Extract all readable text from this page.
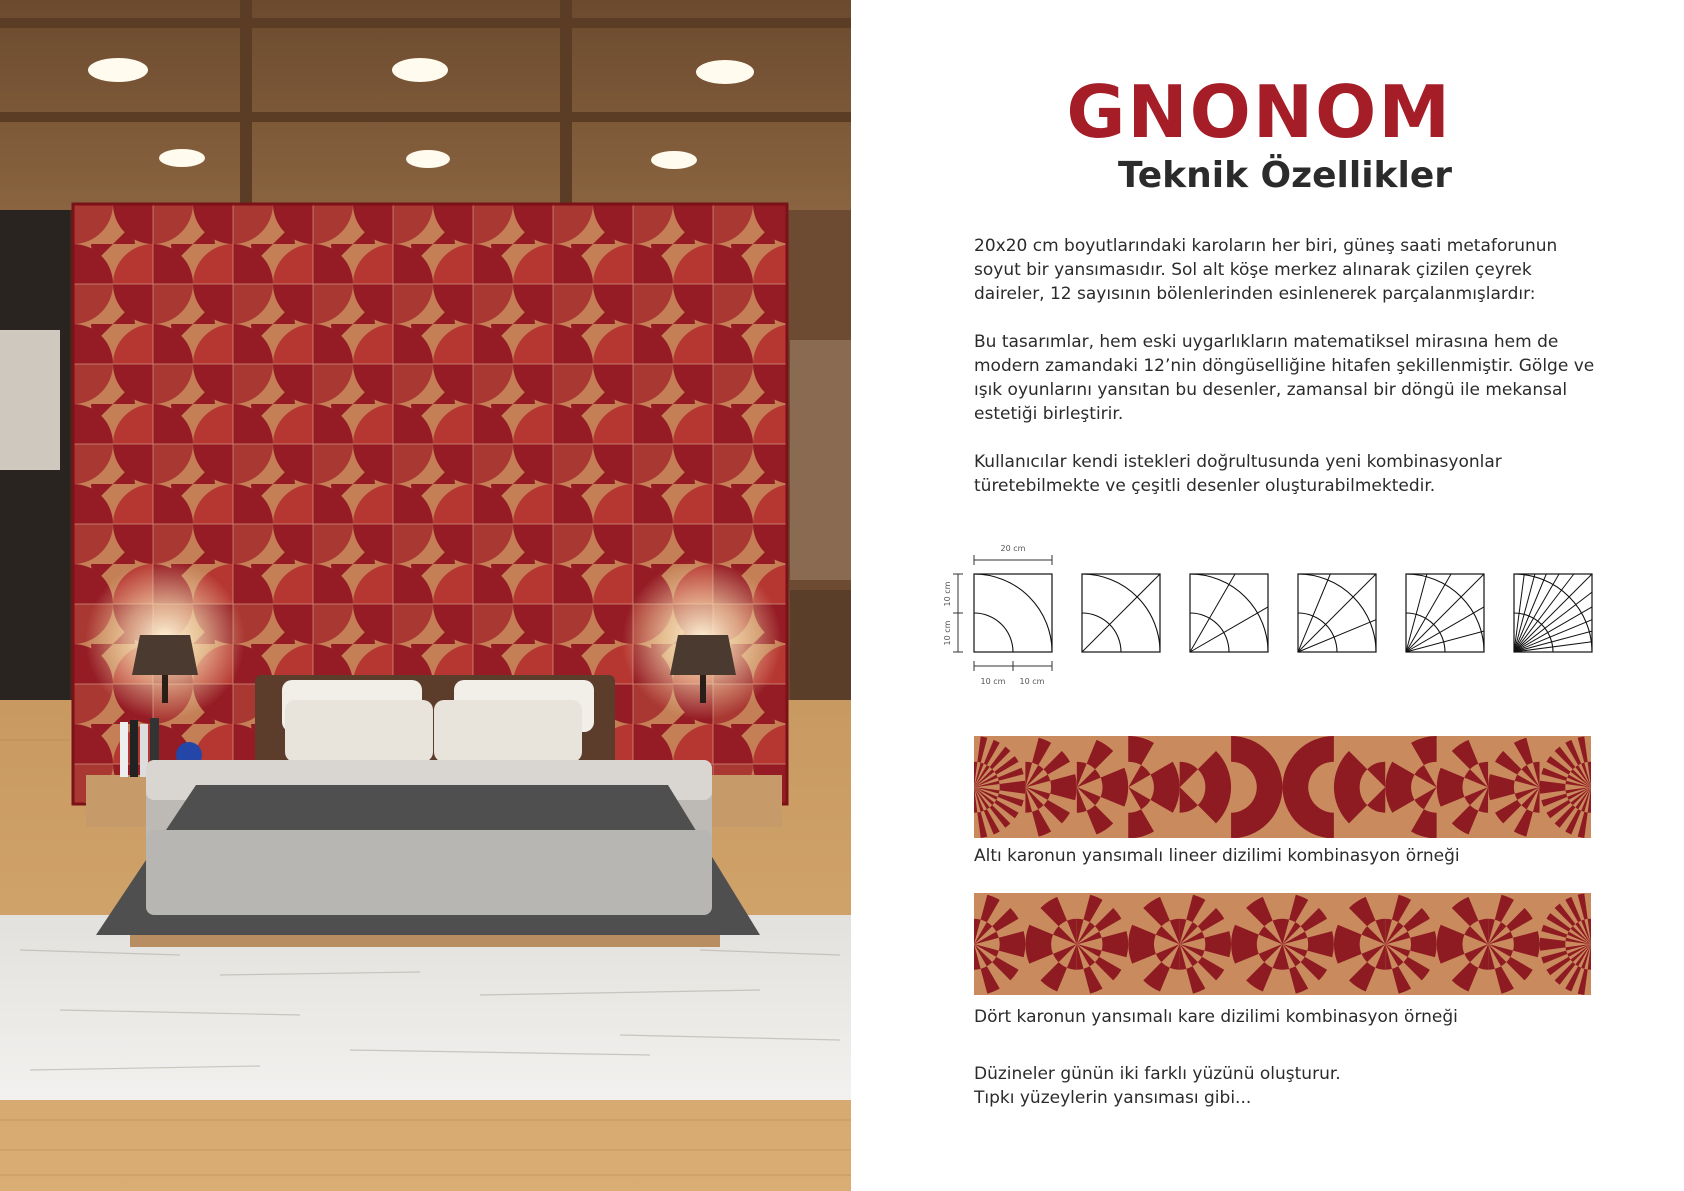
GNONOM
Teknik Özellikler

20x20 cm boyutlarındaki karoların her biri, güneş saati metaforunun soyut bir yansımasıdır. Sol alt köşe merkez alınarak çizilen çeyrek daireler, 12 sayısının bölenlerinden esinlenerek parçalanmışlardır:

Bu tasarımlar, hem eski uygarlıkların matematiksel mirasına hem de modern zamandaki 12’nin döngüselliğine hitafen şekillenmiştir. Gölge ve ışık oyunlarını yansıtan bu desenler, zamansal bir döngü ile mekansal estetiği birleştirir.

Kullanıcılar kendi istekleri doğrultusunda yeni kombinasyonlar türetebilmekte ve çeşitli desenler oluşturabilmektedir.

20 cm
10 cm
10 cm
10 cm 10 cm

Altı karonun yansımalı lineer dizilimi kombinasyon örneği

Dört karonun yansımalı kare dizilimi kombinasyon örneği

Düzineler günün iki farklı yüzünü oluşturur.

Tıpkı yüzeylerin yansıması gibi...
